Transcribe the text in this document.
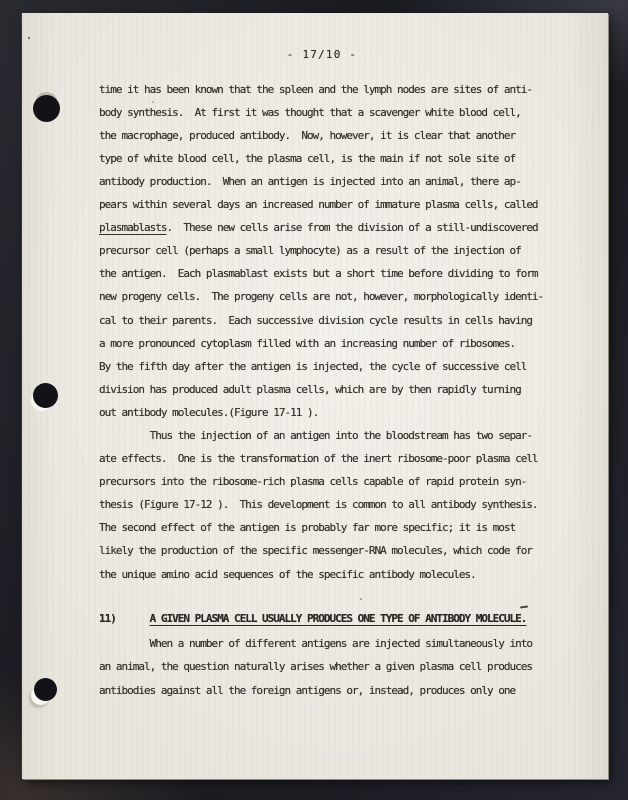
- 17/10 -
time it has been known that the spleen and the lymph nodes are sites of anti-
body synthesis.  At first it was thought that a scavenger white blood cell,
the macrophage, produced antibody.  Now, however, it is clear that another
type of white blood cell, the plasma cell, is the main if not sole site of
antibody production.  When an antigen is injected into an animal, there ap-
pears within several days an increased number of immature plasma cells, called
plasmablasts.  These new cells arise from the division of a still-undiscovered
precursor cell (perhaps a small lymphocyte) as a result of the injection of
the antigen.  Each plasmablast exists but a short time before dividing to form
new progeny cells.  The progeny cells are not, however, morphologically identi-
cal to their parents.  Each successive division cycle results in cells having
a more pronounced cytoplasm filled with an increasing number of ribosomes.
By the fifth day after the antigen is injected, the cycle of successive cell
division has produced adult plasma cells, which are by then rapidly turning
out antibody molecules.(Figure 17-11 ).
Thus the injection of an antigen into the bloodstream has two separ-
ate effects.  One is the transformation of the inert ribosome-poor plasma cell
precursors into the ribosome-rich plasma cells capable of rapid protein syn-
thesis (Figure 17-12 ).  This development is common to all antibody synthesis.
The second effect of the antigen is probably far more specific; it is most
likely the production of the specific messenger-RNA molecules, which code for
the unique amino acid sequences of the specific antibody molecules.
11)      A GIVEN PLASMA CELL USUALLY PRODUCES ONE TYPE OF ANTIBODY MOLECULE.
When a number of different antigens are injected simultaneously into
an animal, the question naturally arises whether a given plasma cell produces
antibodies against all the foreign antigens or, instead, produces only one
